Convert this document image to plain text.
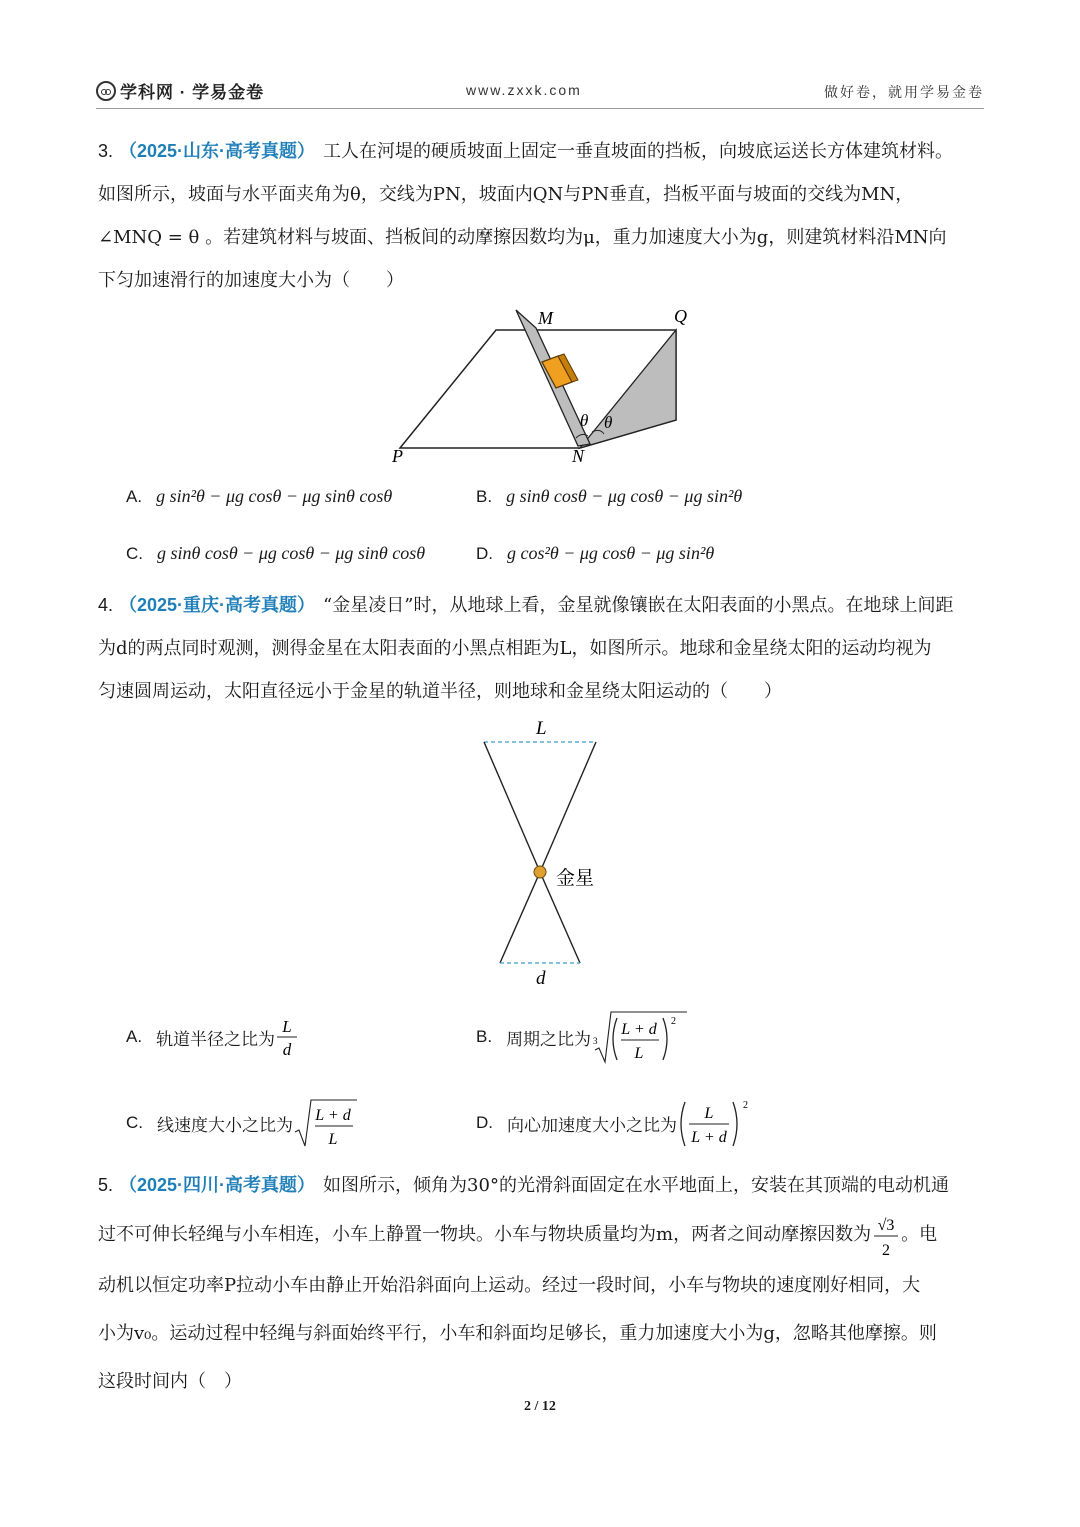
学科网 · 学易金卷	www.zxxk.com	做好卷，就用学易金卷
3. （2025·山东·高考真题） 工人在河堤的硬质坡面上固定一垂直坡面的挡板，向坡底运送长方体建筑材料。
如图所示，坡面与水平面夹角为θ，交线为PN，坡面内QN与PN垂直，挡板平面与坡面的交线为MN，
∠MNQ = θ 。若建筑材料与坡面、挡板间的动摩擦因数均为μ，重力加速度大小为g，则建筑材料沿MN向
下匀加速滑行的加速度大小为（　　）
M	Q
P	N
θ θ
A. g sin²θ − μg cosθ − μg sinθ cosθ	B. g sinθ cosθ − μg cosθ − μg sin²θ
C. g sinθ cosθ − μg cosθ − μg sinθ cosθ	D. g cos²θ − μg cosθ − μg sin²θ
4. （2025·重庆·高考真题） “金星凌日”时，从地球上看，金星就像镶嵌在太阳表面的小黑点。在地球上间距
为d的两点同时观测，测得金星在太阳表面的小黑点相距为L，如图所示。地球和金星绕太阳的运动均视为
匀速圆周运动，太阳直径远小于金星的轨道半径，则地球和金星绕太阳运动的（　　）
L
d
金星
A. 轨道半径之比为
L
d
B. 周期之比为 3
L + d
L
2
C. 线速度大小之比为 L + d
L
D. 向心加速度大小之比为
L
L + d
2
5. （2025·四川·高考真题） 如图所示，倾角为30°的光滑斜面固定在水平地面上，安装在其顶端的电动机通
过不可伸长轻绳与小车相连，小车上静置一物块。小车与物块质量均为m，两者之间动摩擦因数为 √3
2
。电
动机以恒定功率P拉动小车由静止开始沿斜面向上运动。经过一段时间，小车与物块的速度刚好相同，大
小为v₀。运动过程中轻绳与斜面始终平行，小车和斜面均足够长，重力加速度大小为g，忽略其他摩擦。则
这段时间内（　）
2 / 12
